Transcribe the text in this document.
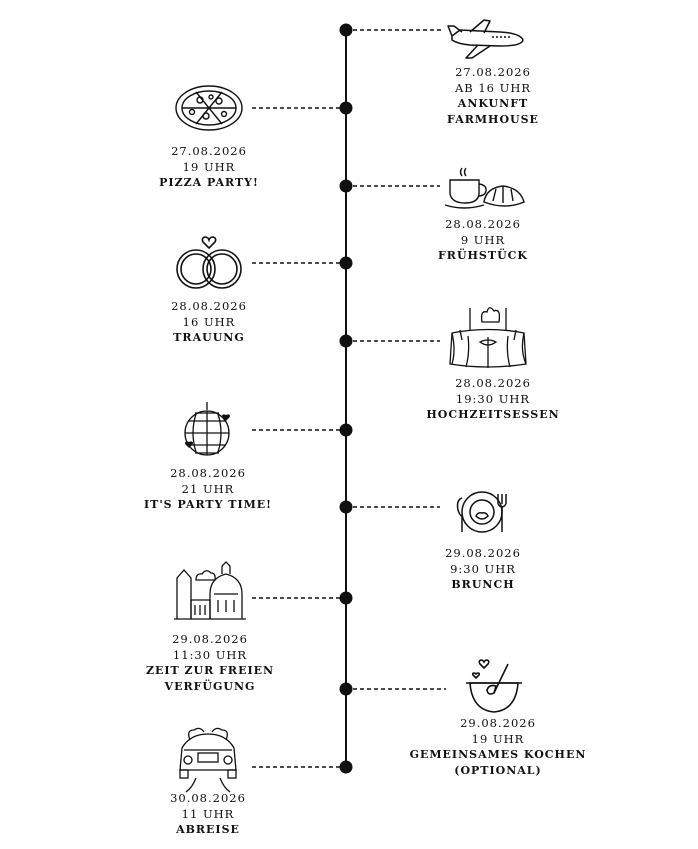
27.08.2026
AB 16 UHR
ANKUNFT
FARMHOUSE
27.08.2026
19 UHR
PIZZA PARTY!
28.08.2026
9 UHR
FRÜHSTÜCK
28.08.2026
16 UHR
TRAUUNG
28.08.2026
19:30 UHR
HOCHZEITSESSEN
28.08.2026
21 UHR
IT'S PARTY TIME!
29.08.2026
9:30 UHR
BRUNCH
29.08.2026
11:30 UHR
ZEIT ZUR FREIEN
VERFÜGUNG
29.08.2026
19 UHR
GEMEINSAMES KOCHEN
(OPTIONAL)
30.08.2026
11 UHR
ABREISE
